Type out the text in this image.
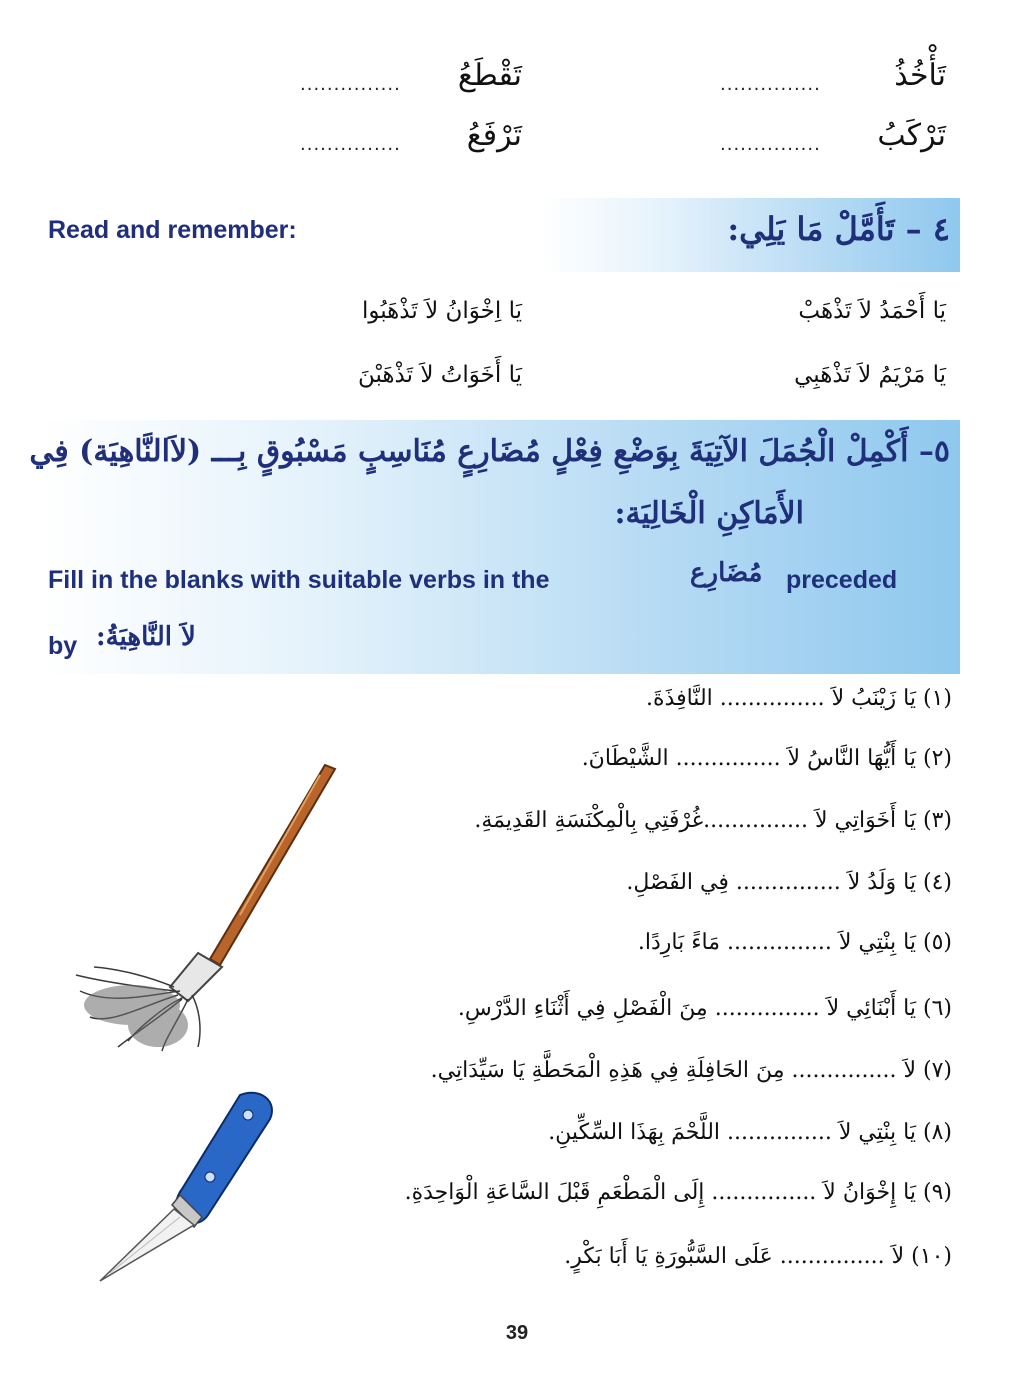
تَأْخُذُ
...............
تَقْطَعُ
...............
تَرْكَبُ
...............
تَرْفَعُ
...............
٤ – تَأَمَّلْ مَا يَلِي:
Read and remember:
يَا أَحْمَدُ لاَ تَذْهَبْ
يَا اِخْوَانُ لاَ تَذْهَبُوا
يَا مَرْيَمُ لاَ تَذْهَبِي
يَا أَخَوَاتُ لاَ تَذْهَبْنَ
٥– أَكْمِلْ الْجُمَلَ الآتِيَةَ بِوَضْعِ فِعْلٍ مُضَارِعٍ مُنَاسِبٍ مَسْبُوقٍ بِـــ (لاَالنَّاهِيَة) فِي
الأَمَاكِنِ الْخَالِيَة:
Fill in the blanks with suitable verbs in the	مُضَارِع preceded
by لاَ النَّاهِيَةُ:
(١) يَا زَيْنَبُ لاَ ............... النَّافِذَةَ.
(٢) يَا أَيُّهَا النَّاسُ لاَ ............... الشَّيْطَانَ.
(٣) يَا أَخَوَاتِي لاَ ...............غُرْفَتِي بِالْمِكْنَسَةِ القَدِيمَةِ.
(٤) يَا وَلَدُ لاَ ............... فِي الفَصْلِ.
(٥) يَا بِنْتِي لاَ ............... مَاءً بَارِدًا.
(٦) يَا أَبْنَائِي لاَ ............... مِنَ الْفَصْلِ فِي أَثْنَاءِ الدَّرْسِ.
(٧) لاَ ............... مِنَ الحَافِلَةِ فِي هَذِهِ الْمَحَطَّةِ يَا سَيِّدَاتِي.
(٨) يَا بِنْتِي لاَ ............... اللَّحْمَ بِهَذَا السِّكِّينِ.
(٩) يَا إِخْوَانُ لاَ ............... إِلَى الْمَطْعَمِ قَبْلَ السَّاعَةِ الْوَاحِدَةِ.
(١٠) لاَ ............... عَلَى السَّبُّورَةِ يَا أَبَا بَكْرٍ.
39
